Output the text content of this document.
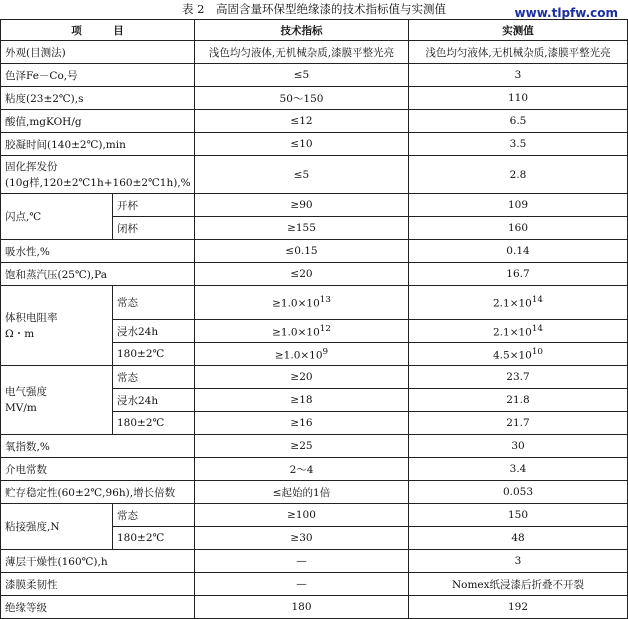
表 2　高固含量环保型绝缘漆的技术指标值与实测值	www.tlpfw.com
项　　　目		技术指标	实测值
外观(目测法)		浅色均匀液体,无机械杂质,漆膜平整光亮	浅色均匀液体,无机械杂质,漆膜平整光亮
色泽Fe－Co,号		≤5	3
粘度(23±2℃),s		50～150	110
酸值,mgKOH/g		≤12	6.5
胶凝时间(140±2℃),min		≤10	3.5
固化挥发份
(10g样,120±2℃1h+160±2℃1h),%		≤5	2.8
闪点,℃	开杯	≥90	109
	闭杯	≥155	160
吸水性,%		≤0.15	0.14
饱和蒸汽压(25℃),Pa		≤20	16.7
体积电阻率
Ω・m	常态	$\ge 1.0\times 10^{13}$	$2.1\times 10^{14}$
	浸水24h	$\ge 1.0\times 10^{12}$	$2.1\times 10^{14}$
	180±2℃	$\ge 1.0\times 10^9$	$4.5\times 10^{10}$
电气强度
MV/m	常态	≥20	23.7
	浸水24h	≥18	21.8
	180±2℃	≥16	21.7
氧指数,%		≥25	30
介电常数		2～4	3.4
贮存稳定性(60±2℃,96h),增长倍数		≤起始的1倍	0.053
粘接强度,N	常态	≥100	150
	180±2℃	≥30	48
薄层干燥性(160℃),h		—	3
漆膜柔韧性		—	Nomex纸浸漆后折叠不开裂
绝缘等级		180	192
